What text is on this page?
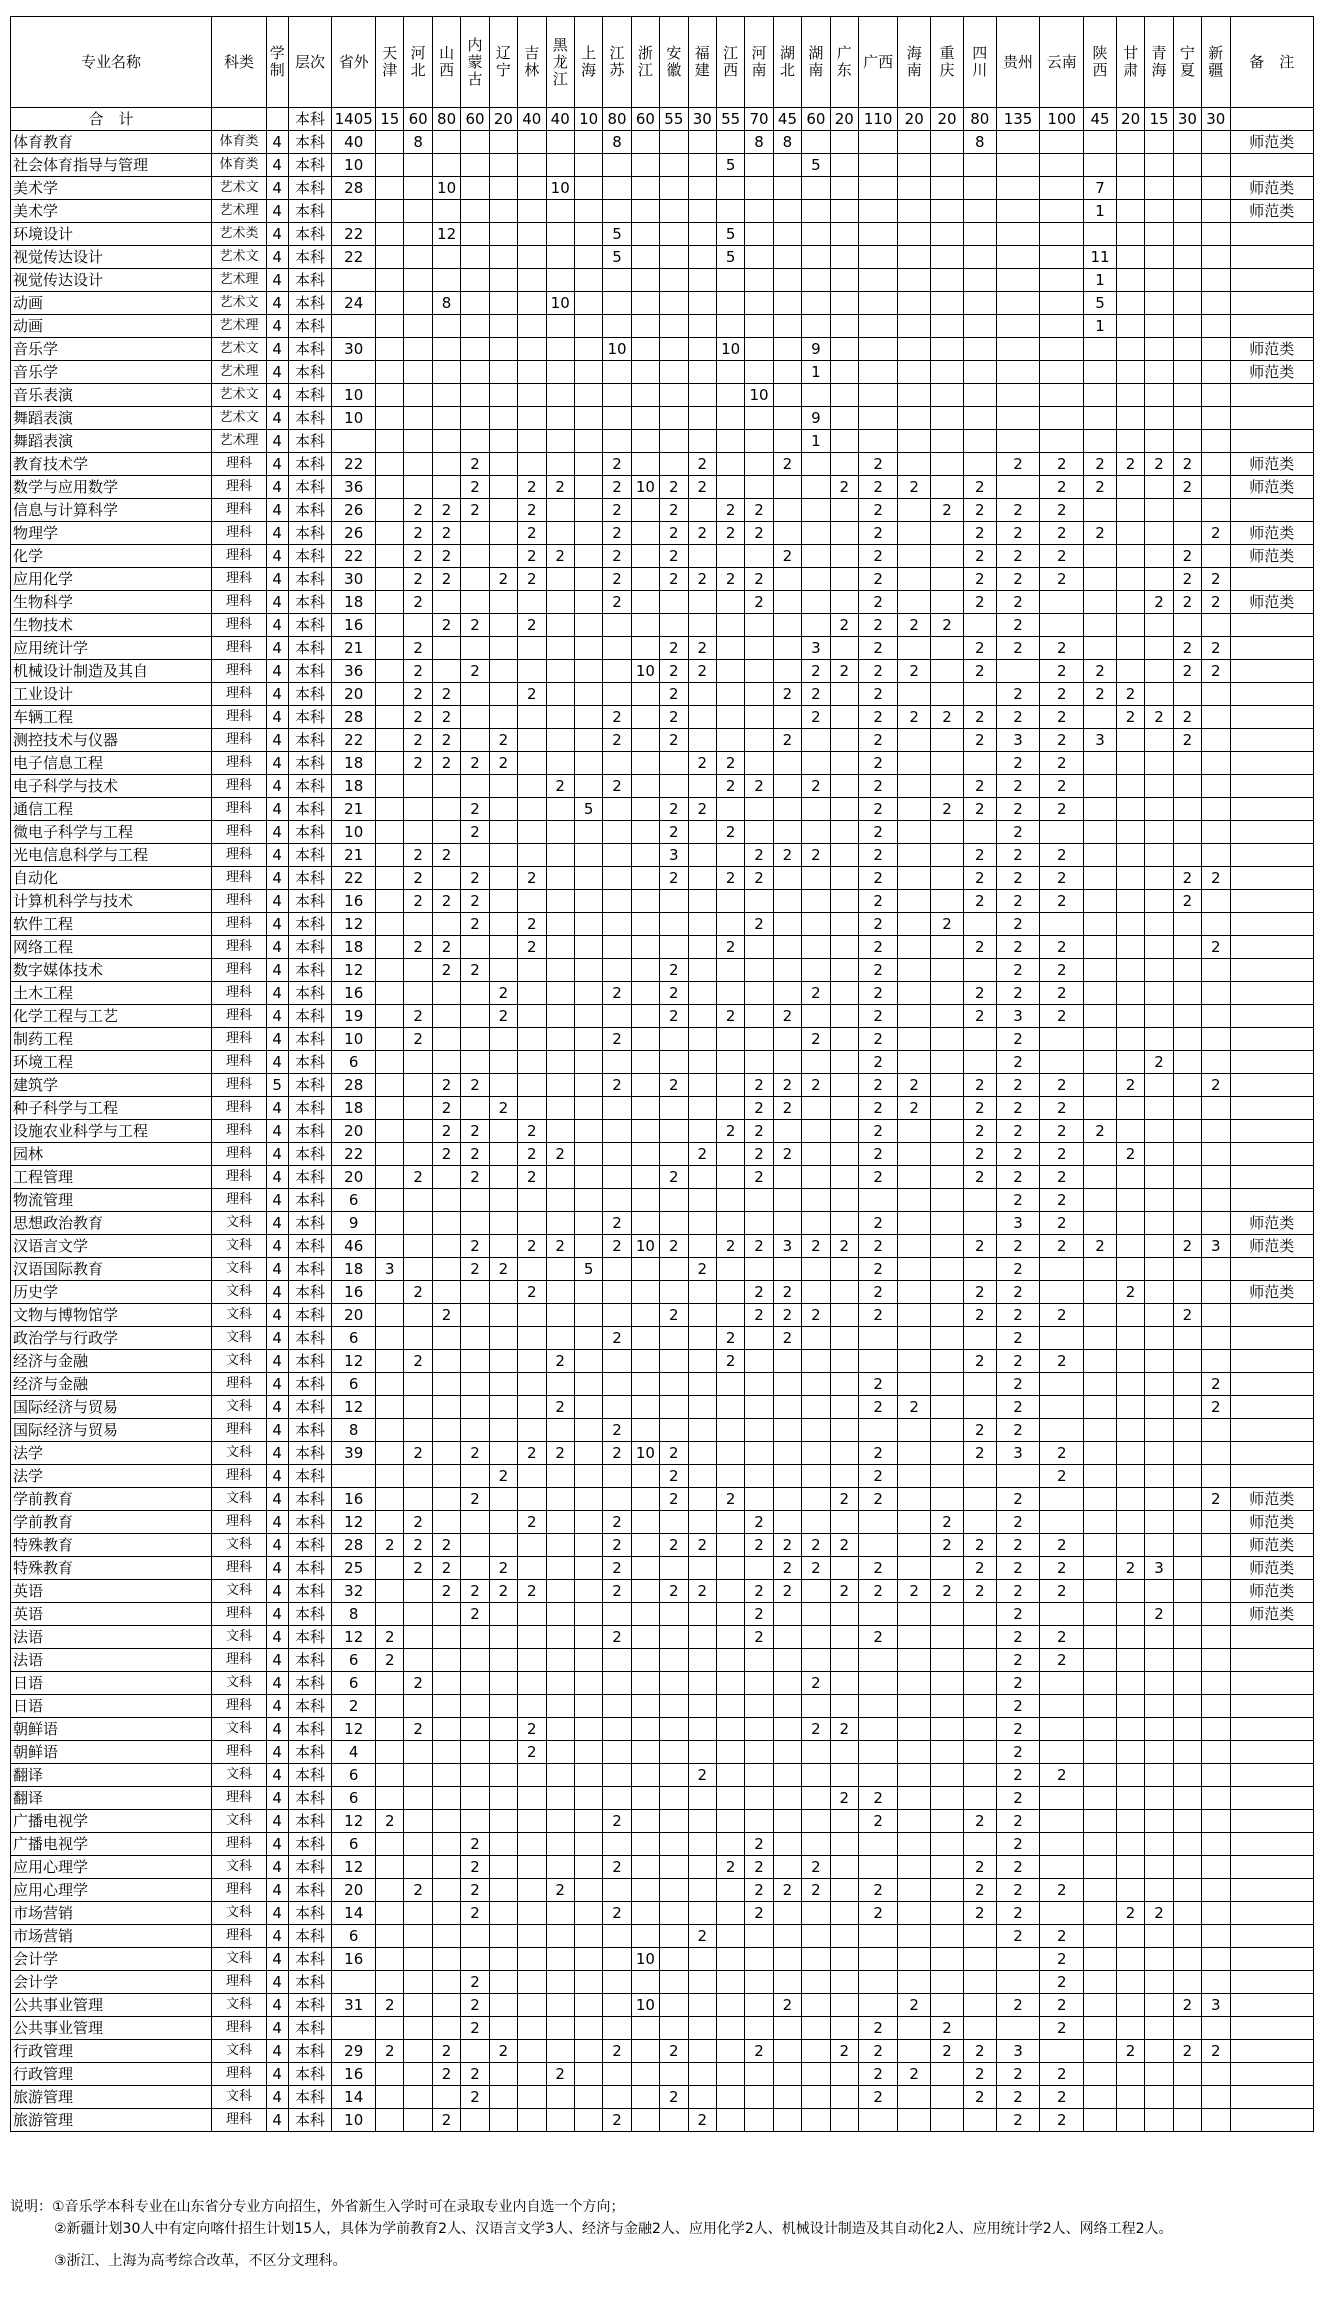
专业名称	科类	学制	层次	省外	天津	河北	山西	内蒙古	辽宁	吉林	黑龙江	上海	江苏	浙江	安徽	福建	江西	河南	湖北	湖南	广东	广西	海南	重庆	四川	贵州	云南	陕西	甘肃	青海	宁夏	新疆	备　注
合　计			本科	1405	15	60	80	60	20	40	40	10	80	60	55	30	55	70	45	60	20	110	20	20	80	135	100	45	20	15	30	30	
体育教育	体育类	4	本科	40		8							8					8	8						8								师范类
社会体育指导与管理	体育类	4	本科	10													5			5													
美术学	艺术文	4	本科	28			10				10																	7					师范类
美术学	艺术理	4	本科																									1					师范类
环境设计	艺术类	4	本科	22			12						5				5																
视觉传达设计	艺术文	4	本科	22									5				5											11					
视觉传达设计	艺术理	4	本科																									1					
动画	艺术文	4	本科	24			8				10																	5					
动画	艺术理	4	本科																									1					
音乐学	艺术文	4	本科	30									10				10			9													师范类
音乐学	艺术理	4	本科																	1													师范类
音乐表演	艺术文	4	本科	10														10															
舞蹈表演	艺术文	4	本科	10																9													
舞蹈表演	艺术理	4	本科																	1													
教育技术学	理科	4	本科	22				2					2			2			2			2				2	2	2	2	2	2		师范类
数学与应用数学	理科	4	本科	36				2		2	2		2	10	2	2					2	2	2		2		2	2			2		师范类
信息与计算科学	理科	4	本科	26		2	2	2		2			2		2		2	2				2		2	2	2	2						
物理学	理科	4	本科	26		2	2			2			2		2	2	2	2				2			2	2	2	2				2	师范类
化学	理科	4	本科	22		2	2			2	2		2		2				2			2			2	2	2				2		师范类
应用化学	理科	4	本科	30		2	2		2	2			2		2	2	2	2				2			2	2	2				2	2	
生物科学	理科	4	本科	18		2							2					2				2			2	2				2	2	2	师范类
生物技术	理科	4	本科	16			2	2		2											2	2	2	2		2							
应用统计学	理科	4	本科	21		2									2	2				3		2			2	2	2				2	2	
机械设计制造及其自	理科	4	本科	36		2		2						10	2	2				2	2	2	2		2		2	2			2	2	
工业设计	理科	4	本科	20		2	2			2					2				2	2		2				2	2	2	2				
车辆工程	理科	4	本科	28		2	2						2		2					2		2	2	2	2	2	2		2	2	2		
测控技术与仪器	理科	4	本科	22		2	2		2				2		2				2			2			2	3	2	3			2		
电子信息工程	理科	4	本科	18		2	2	2	2							2	2					2				2	2						
电子科学与技术	理科	4	本科	18							2		2				2	2		2		2			2	2	2						
通信工程	理科	4	本科	21				2				5			2	2						2		2	2	2	2						
微电子科学与工程	理科	4	本科	10				2							2		2					2				2							
光电信息科学与工程	理科	4	本科	21		2	2								3			2	2	2		2			2	2	2						
自动化	理科	4	本科	22		2		2		2					2		2	2				2			2	2	2				2	2	
计算机科学与技术	理科	4	本科	16		2	2	2														2			2	2	2				2		
软件工程	理科	4	本科	12				2		2								2				2		2		2							
网络工程	理科	4	本科	18		2	2			2							2					2			2	2	2					2	
数字媒体技术	理科	4	本科	12			2	2							2							2				2	2						
土木工程	理科	4	本科	16					2				2		2					2		2			2	2	2						
化学工程与工艺	理科	4	本科	19		2			2						2		2		2			2			2	3	2						
制药工程	理科	4	本科	10		2							2							2		2				2							
环境工程	理科	4	本科	6																		2				2				2			
建筑学	理科	5	本科	28			2	2					2		2			2	2	2		2	2		2	2	2		2			2	
种子科学与工程	理科	4	本科	18			2		2									2	2			2	2		2	2	2						
设施农业科学与工程	理科	4	本科	20			2	2		2							2	2				2			2	2	2	2					
园林	理科	4	本科	22			2	2		2	2					2		2	2			2			2	2	2		2				
工程管理	理科	4	本科	20		2		2		2					2			2				2			2	2	2						
物流管理	理科	4	本科	6																						2	2						
思想政治教育	文科	4	本科	9									2									2				3	2						师范类
汉语言文学	文科	4	本科	46				2		2	2		2	10	2		2	2	3	2	2	2			2	2	2	2			2	3	师范类
汉语国际教育	文科	4	本科	18	3			2	2			5				2						2				2							
历史学	文科	4	本科	16		2				2								2	2			2			2	2			2				师范类
文物与博物馆学	文科	4	本科	20			2								2			2	2	2		2			2	2	2				2		
政治学与行政学	文科	4	本科	6									2				2		2							2							
经济与金融	文科	4	本科	12		2					2						2								2	2	2						
经济与金融	理科	4	本科	6																		2				2						2	
国际经济与贸易	文科	4	本科	12							2											2	2			2						2	
国际经济与贸易	理科	4	本科	8									2												2	2							
法学	文科	4	本科	39		2		2		2	2		2	10	2							2			2	3	2						
法学	理科	4	本科						2						2							2					2						
学前教育	文科	4	本科	16				2							2		2				2	2				2						2	师范类
学前教育	理科	4	本科	12		2				2			2					2						2		2							师范类
特殊教育	文科	4	本科	28	2	2	2						2		2	2		2	2	2	2			2	2	2	2						师范类
特殊教育	理科	4	本科	25		2	2		2				2						2	2		2			2	2	2		2	3			师范类
英语	文科	4	本科	32			2	2	2	2			2		2	2		2	2		2	2	2	2	2	2	2						师范类
英语	理科	4	本科	8				2										2								2				2			师范类
法语	文科	4	本科	12	2								2					2				2				2	2						
法语	理科	4	本科	6	2																					2	2						
日语	文科	4	本科	6		2														2						2							
日语	理科	4	本科	2																						2							
朝鲜语	文科	4	本科	12		2				2										2	2					2							
朝鲜语	理科	4	本科	4						2																2							
翻译	文科	4	本科	6												2										2	2						
翻译	理科	4	本科	6																	2	2				2							
广播电视学	文科	4	本科	12	2								2									2			2	2							
广播电视学	理科	4	本科	6				2										2								2							
应用心理学	文科	4	本科	12				2					2				2	2		2					2	2							
应用心理学	理科	4	本科	20		2		2			2							2	2	2		2			2	2	2						
市场营销	文科	4	本科	14				2					2					2				2			2	2			2	2			
市场营销	理科	4	本科	6												2										2	2						
会计学	文科	4	本科	16										10													2						
会计学	理科	4	本科					2																			2						
公共事业管理	文科	4	本科	31	2			2						10					2				2			2	2				2	3	
公共事业管理	理科	4	本科					2														2		2			2						
行政管理	文科	4	本科	29	2		2		2				2		2			2			2	2		2	2	3			2		2	2	
行政管理	理科	4	本科	16			2	2			2											2	2		2	2	2						
旅游管理	文科	4	本科	14				2							2							2			2	2	2						
旅游管理	理科	4	本科	10			2						2			2										2	2						
说明：①音乐学本科专业在山东省分专业方向招生，外省新生入学时可在录取专业内自选一个方向；
②新疆计划30人中有定向喀什招生计划15人，具体为学前教育2人、汉语言文学3人、经济与金融2人、应用化学2人、机械设计制造及其自动化2人、应用统计学2人、网络工程2人。
③浙江、上海为高考综合改革，不区分文理科。
